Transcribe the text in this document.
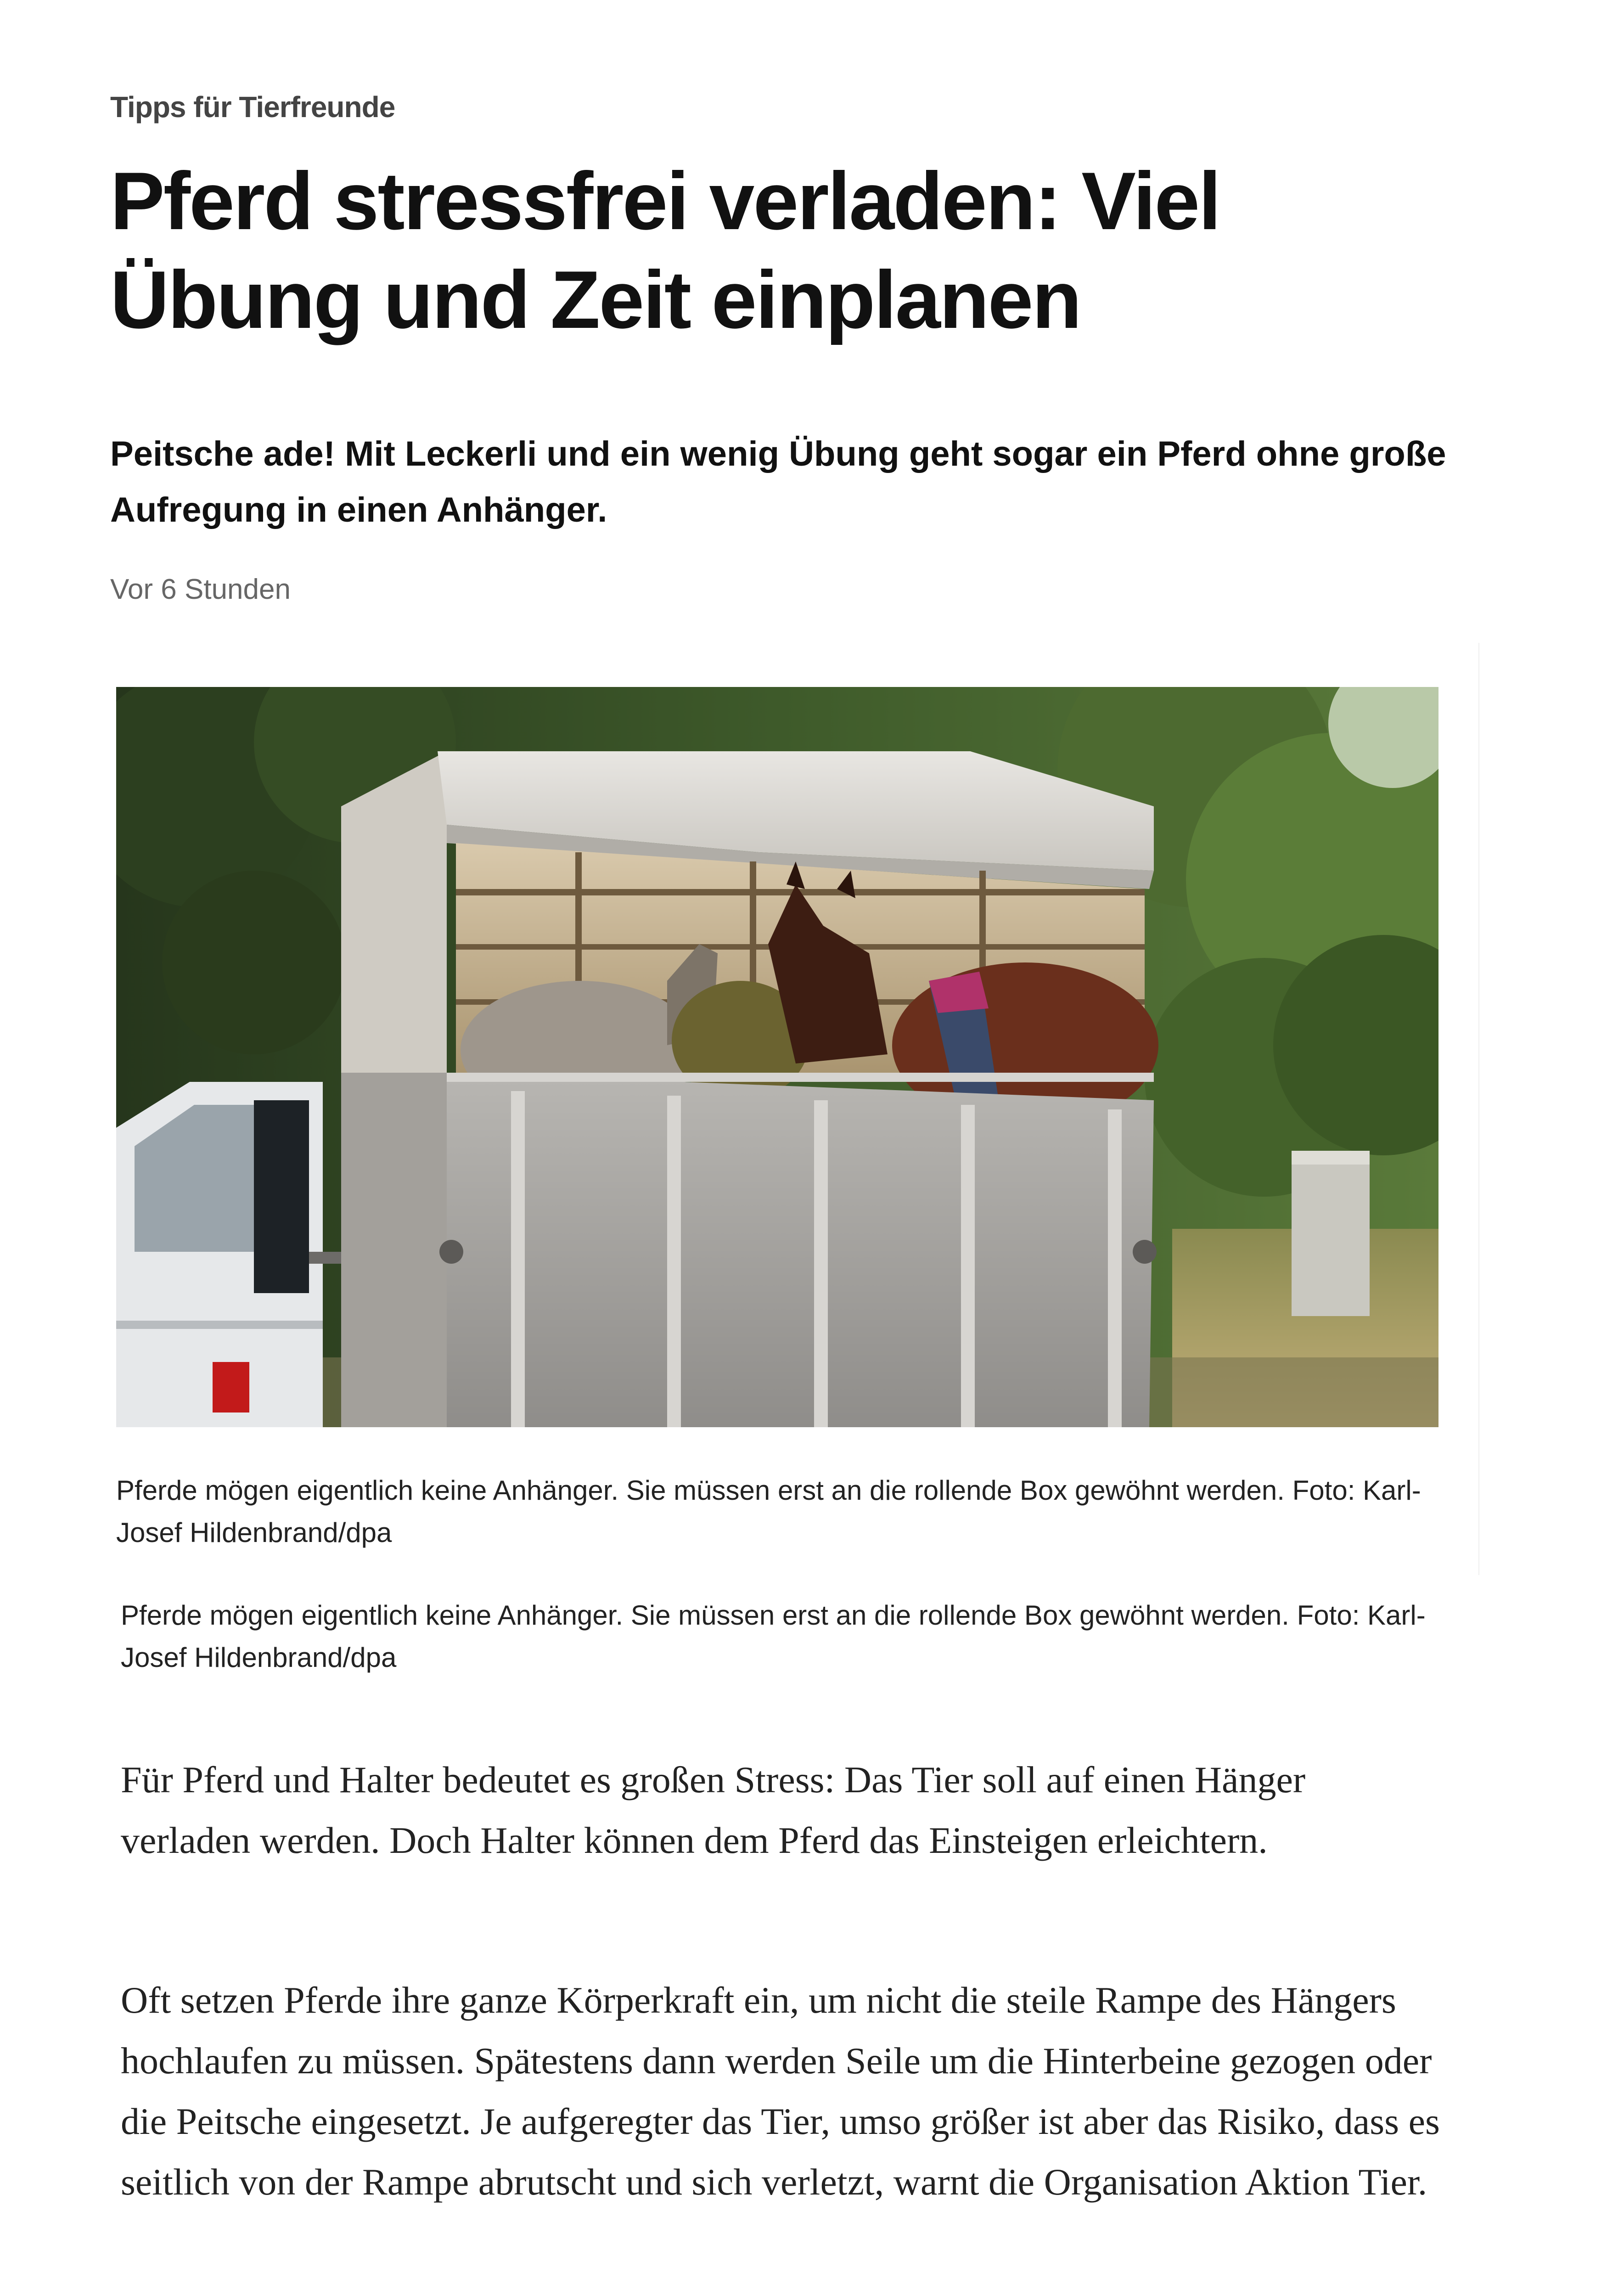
Tipps für Tierfreunde
Pferd stressfrei verladen: Viel Übung und Zeit einplanen

Peitsche ade! Mit Leckerli und ein wenig Übung geht sogar ein Pferd ohne große Aufregung in einen Anhänger.

Vor 6 Stunden

Pferde mögen eigentlich keine Anhänger. Sie müssen erst an die rollende Box gewöhnt werden. Foto: Karl-Josef Hildenbrand/dpa

Pferde mögen eigentlich keine Anhänger. Sie müssen erst an die rollende Box gewöhnt werden. Foto: Karl-Josef Hildenbrand/dpa

Für Pferd und Halter bedeutet es großen Stress: Das Tier soll auf einen Hänger verladen werden. Doch Halter können dem Pferd das Einsteigen erleichtern.

Oft setzen Pferde ihre ganze Körperkraft ein, um nicht die steile Rampe des Hängers hochlaufen zu müssen. Spätestens dann werden Seile um die Hinterbeine gezogen oder die Peitsche eingesetzt. Je aufgeregter das Tier, umso größer ist aber das Risiko, dass es seitlich von der Rampe abrutscht und sich verletzt, warnt die Organisation Aktion Tier.
